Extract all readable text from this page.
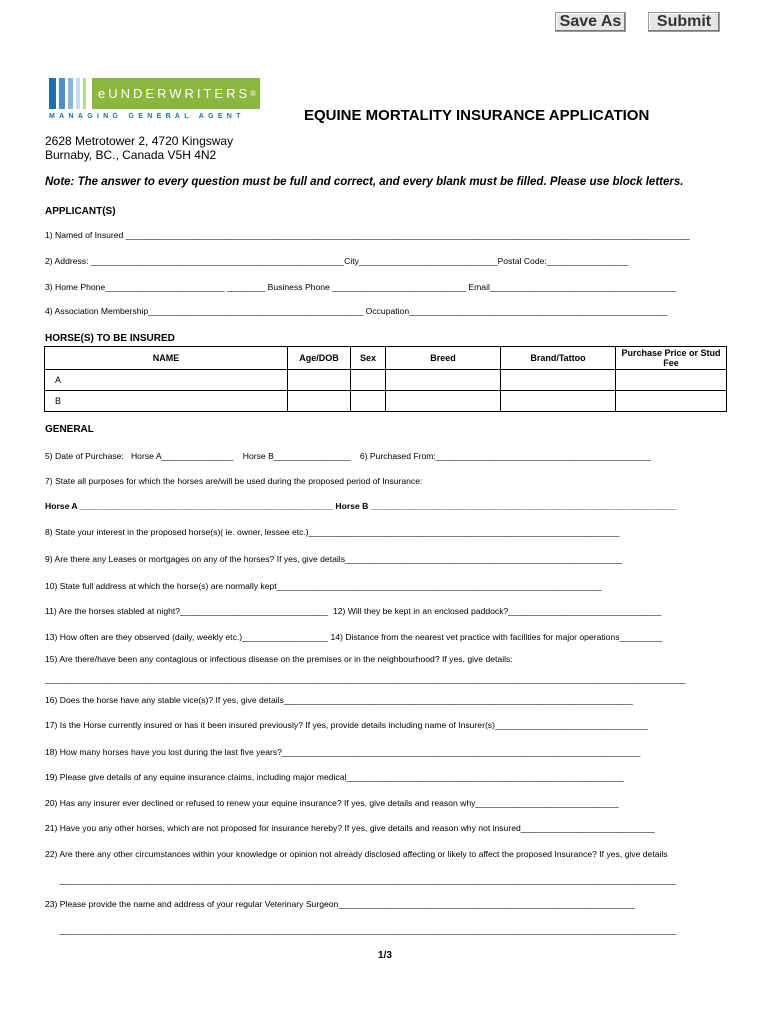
Save As	Submit
eUNDERWRITERS ®
MANAGING GENERAL AGENT	EQUINE MORTALITY INSURANCE APPLICATION
2628 Metrotower 2, 4720 Kingsway
Burnaby, BC., Canada V5H 4N2
Note: The answer to every question must be full and correct, and every blank must be filled. Please use block letters.
APPLICANT(S)
1) Named of Insured ______________________________________________________________________________________________________________________
2) Address: _____________________________________________________City_____________________________Postal Code:_________________
3) Home Phone_________________________ ________ Business Phone ____________________________ Email_______________________________________
4) Association Membership_____________________________________________ Occupation______________________________________________________
HORSE(S) TO BE INSURED
NAME	Age/DOB	Sex	Breed	Brand/Tattoo	Purchase Price or Stud Fee
A					
B					
GENERAL
5) Date of Purchase:   Horse A_______________    Horse B________________    6) Purchased From:_____________________________________________
7) State all purposes for which the horses are/will be used during the proposed period of Insurance:
Horse A _____________________________________________________ Horse B ________________________________________________________________
8) State your interest in the proposed horse(s)( ie. owner, lessee etc.)_________________________________________________________________
9) Are there any Leases or mortgages on any of the horses? If yes, give details__________________________________________________________
10) State full address at which the horse(s) are normally kept____________________________________________________________________
11) Are the horses stabled at night?_______________________________  12) Will they be kept in an enclosed paddock?________________________________
13) How often are they observed (daily, weekly etc.)__________________ 14) Distance from the nearest vet practice with facilities for major operations_________
15) Are there/have been any contagious or infectious disease on the premises or in the neighbourhood? If yes, give details:
______________________________________________________________________________________________________________________________________
16) Does the horse have any stable vice(s)? If yes, give details_________________________________________________________________________
17) Is the Horse currently insured or has it been insured previously? If yes, provide details including name of Insurer(s)________________________________
18) How many horses have you lost during the last five years?___________________________________________________________________________
19) Please give details of any equine insurance claims, including major medical__________________________________________________________
20) Has any insurer ever declined or refused to renew your equine insurance? If yes, give details and reason why______________________________
21) Have you any other horses, which are not proposed for insurance hereby? If yes, give details and reason why not insured____________________________
22) Are there any other circumstances within your knowledge or opinion not already disclosed affecting or likely to affect the proposed Insurance? If yes, give details
_________________________________________________________________________________________________________________________________
23) Please provide the name and address of your regular Veterinary Surgeon______________________________________________________________
_________________________________________________________________________________________________________________________________
1/3
